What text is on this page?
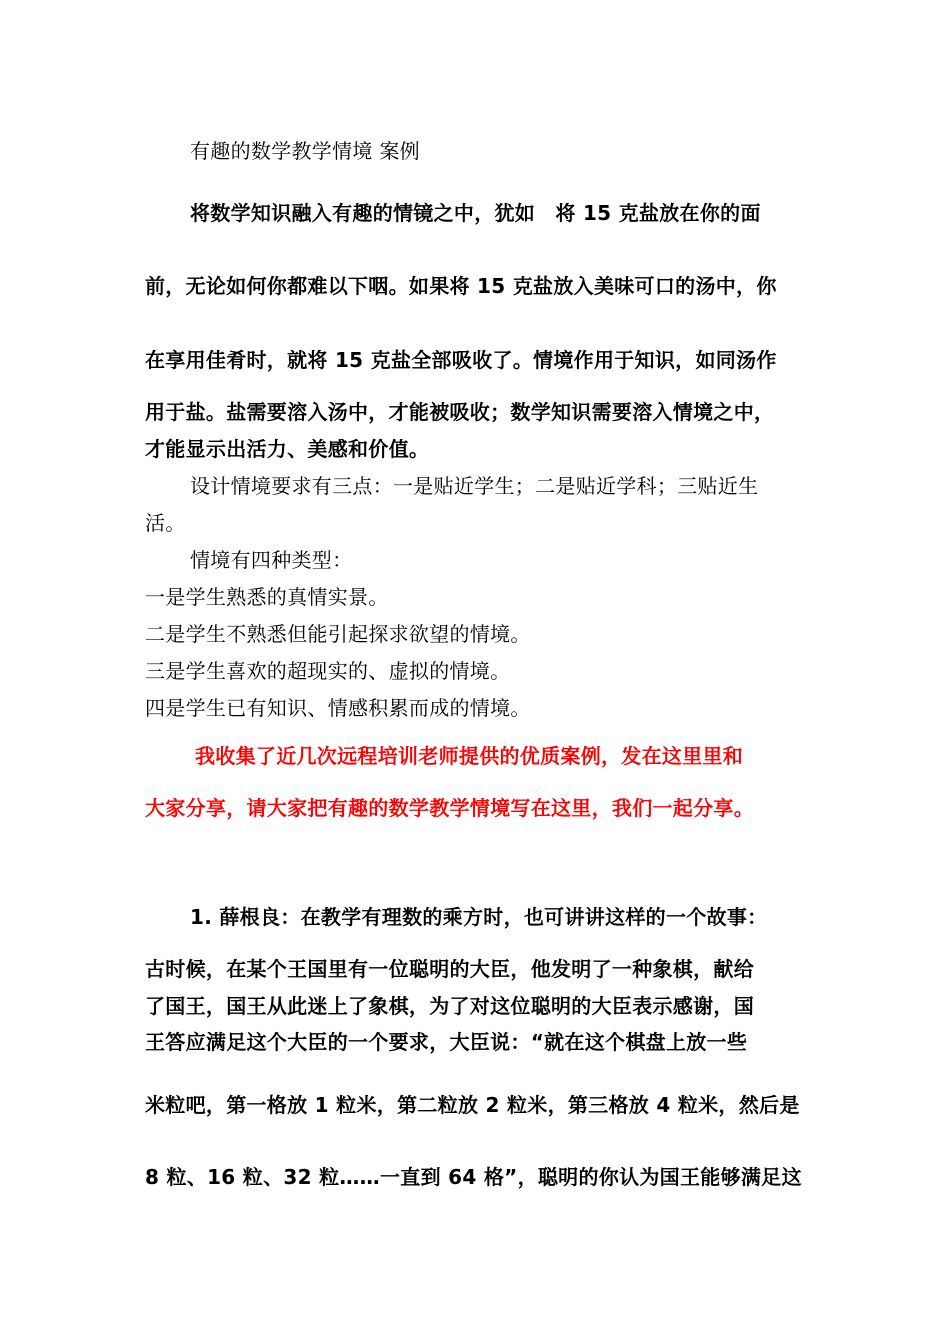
有趣的数学教学情境 案例
将数学知识融入有趣的情镜之中，犹如　将 15 克盐放在你的面
前，无论如何你都难以下咽。如果将 15 克盐放入美味可口的汤中，你
在享用佳肴时，就将 15 克盐全部吸收了。情境作用于知识，如同汤作
用于盐。盐需要溶入汤中，才能被吸收；数学知识需要溶入情境之中，
才能显示出活力、美感和价值。
设计情境要求有三点：一是贴近学生；二是贴近学科；三贴近生
活。
情境有四种类型：
一是学生熟悉的真情实景。
二是学生不熟悉但能引起探求欲望的情境。
三是学生喜欢的超现实的、虚拟的情境。
四是学生已有知识、情感积累而成的情境。
我收集了近几次远程培训老师提供的优质案例，发在这里里和
大家分享，请大家把有趣的数学教学情境写在这里，我们一起分享。
1. 薛根良：在教学有理数的乘方时，也可讲讲这样的一个故事：
古时候，在某个王国里有一位聪明的大臣，他发明了一种象棋，献给
了国王，国王从此迷上了象棋，为了对这位聪明的大臣表示感谢，国
王答应满足这个大臣的一个要求，大臣说：“就在这个棋盘上放一些
米粒吧，第一格放 1 粒米，第二粒放 2 粒米，第三格放 4 粒米，然后是
8 粒、16 粒、32 粒……一直到 64 格”，聪明的你认为国王能够满足这
